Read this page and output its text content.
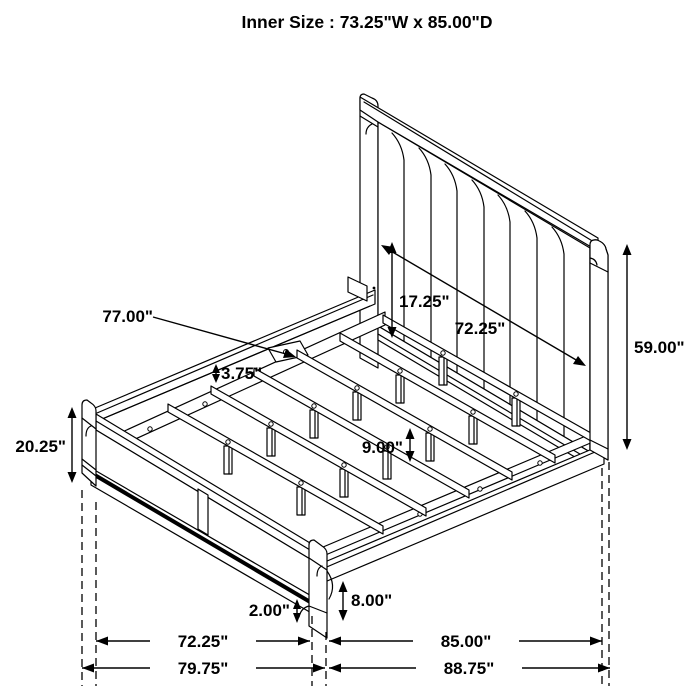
77.00"
17.25"
72.25"
59.00"
3.75"
20.25"	9.00"
8.00"
2.00"
72.25"	85.00"
79.75"	88.75"
Inner Size : 73.25"W x 85.00"D
